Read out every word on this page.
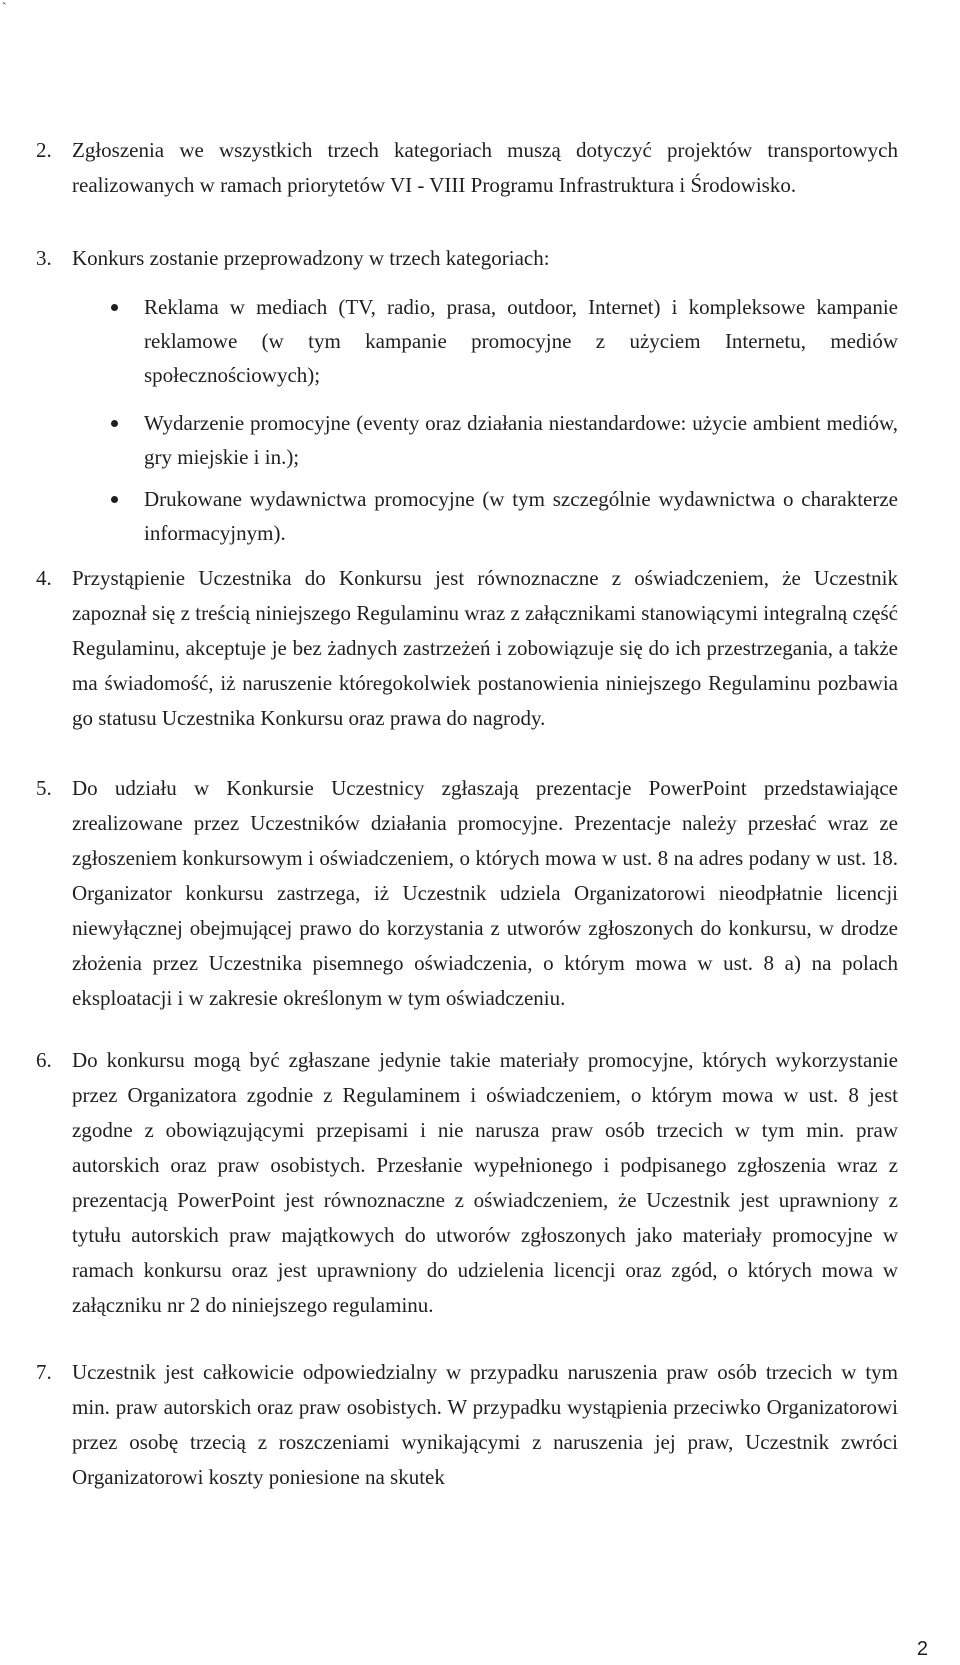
`
2. Zgłoszenia we wszystkich trzech kategoriach muszą dotyczyć projektów transportowych realizowanych w ramach priorytetów VI - VIII Programu Infrastruktura i Środowisko.
3. Konkurs zostanie przeprowadzony w trzech kategoriach:
Reklama w mediach (TV, radio, prasa, outdoor, Internet) i kompleksowe kampanie reklamowe (w tym kampanie promocyjne z użyciem Internetu, mediów społecznościowych);
Wydarzenie promocyjne (eventy oraz działania niestandardowe: użycie ambient mediów, gry miejskie i in.);
Drukowane wydawnictwa promocyjne (w tym szczególnie wydawnictwa o charakterze informacyjnym).
4. Przystąpienie Uczestnika do Konkursu jest równoznaczne z oświadczeniem, że Uczestnik zapoznał się z treścią niniejszego Regulaminu wraz z załącznikami stanowiącymi integralną część Regulaminu, akceptuje je bez żadnych zastrzeżeń i zobowiązuje się do ich przestrzegania, a także ma świadomość, iż naruszenie któregokolwiek postanowienia niniejszego Regulaminu pozbawia go statusu Uczestnika Konkursu oraz prawa do nagrody.
5. Do udziału w Konkursie Uczestnicy zgłaszają prezentacje PowerPoint przedstawiające zrealizowane przez Uczestników działania promocyjne. Prezentacje należy przesłać wraz ze zgłoszeniem konkursowym i oświadczeniem, o których mowa w ust. 8 na adres podany w ust. 18. Organizator konkursu zastrzega, iż Uczestnik udziela Organizatorowi nieodpłatnie licencji niewyłącznej obejmującej prawo do korzystania z utworów zgłoszonych do konkursu, w drodze złożenia przez Uczestnika pisemnego oświadczenia, o którym mowa w ust. 8 a) na polach eksploatacji i w zakresie określonym w tym oświadczeniu.
6. Do konkursu mogą być zgłaszane jedynie takie materiały promocyjne, których wykorzystanie przez Organizatora zgodnie z Regulaminem i oświadczeniem, o którym mowa w ust. 8 jest zgodne z obowiązującymi przepisami i nie narusza praw osób trzecich w tym min. praw autorskich oraz praw osobistych. Przesłanie wypełnionego i podpisanego zgłoszenia wraz z prezentacją PowerPoint jest równoznaczne z oświadczeniem, że Uczestnik jest uprawniony z tytułu autorskich praw majątkowych do utworów zgłoszonych jako materiały promocyjne w ramach konkursu oraz jest uprawniony do udzielenia licencji oraz zgód, o których mowa w załączniku nr 2 do niniejszego regulaminu.
7. Uczestnik jest całkowicie odpowiedzialny w przypadku naruszenia praw osób trzecich w tym min. praw autorskich oraz praw osobistych. W przypadku wystąpienia przeciwko Organizatorowi przez osobę trzecią z roszczeniami wynikającymi z naruszenia jej praw, Uczestnik zwróci Organizatorowi koszty poniesione na skutek
2
